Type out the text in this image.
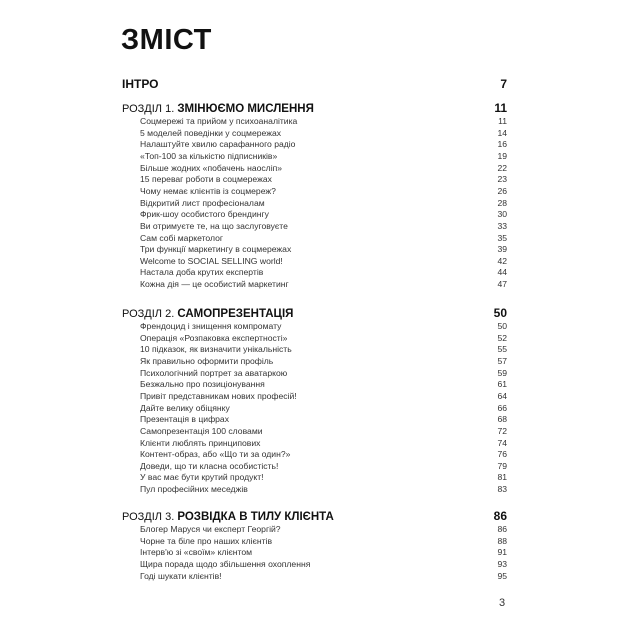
ЗМІСТ
ІНТРО	7
РОЗДІЛ 1. ЗМІНЮЄМО МИСЛЕННЯ	11
Соцмережі та прийом у психоаналітика	11
5 моделей поведінки у соцмережах	14
Налаштуйте хвилю сарафанного радіо	16
«Топ-100 за кількістю підписників»	19
Більше жодних «побачень наосліп»	22
15 переваг роботи в соцмережах	23
Чому немає клієнтів із соцмереж?	26
Відкритий лист професіоналам	28
Фрик-шоу особистого брендингу	30
Ви отримуєте те, на що заслуговуєте	33
Сам собі маркетолог	35
Три функції маркетингу в соцмережах	39
Welcome to SOCIAL SELLING world!	42
Настала доба крутих експертів	44
Кожна дія — це особистий маркетинг	47
РОЗДІЛ 2. САМОПРЕЗЕНТАЦІЯ	50
Френдоцид і знищення компромату	50
Операція «Розпаковка експертності»	52
10 підказок, як визначити унікальність	55
Як правильно оформити профіль	57
Психологічний портрет за аватаркою	59
Безжально про позиціонування	61
Привіт представникам нових професій!	64
Дайте велику обіцянку	66
Презентація в цифрах	68
Самопрезентація 100 словами	72
Клієнти люблять принципових	74
Контент-образ, або «Що ти за один?»	76
Доведи, що ти класна особистість!	79
У вас має бути крутий продукт!	81
Пул професійних меседжів	83
РОЗДІЛ 3. РОЗВІДКА В ТИЛУ КЛІЄНТА	86
Блогер Маруся чи експерт Георгій?	86
Чорне та біле про наших клієнтів	88
Інтерв'ю зі «своїм» клієнтом	91
Щира порада щодо збільшення охоплення	93
Годі шукати клієнтів!	95
3
